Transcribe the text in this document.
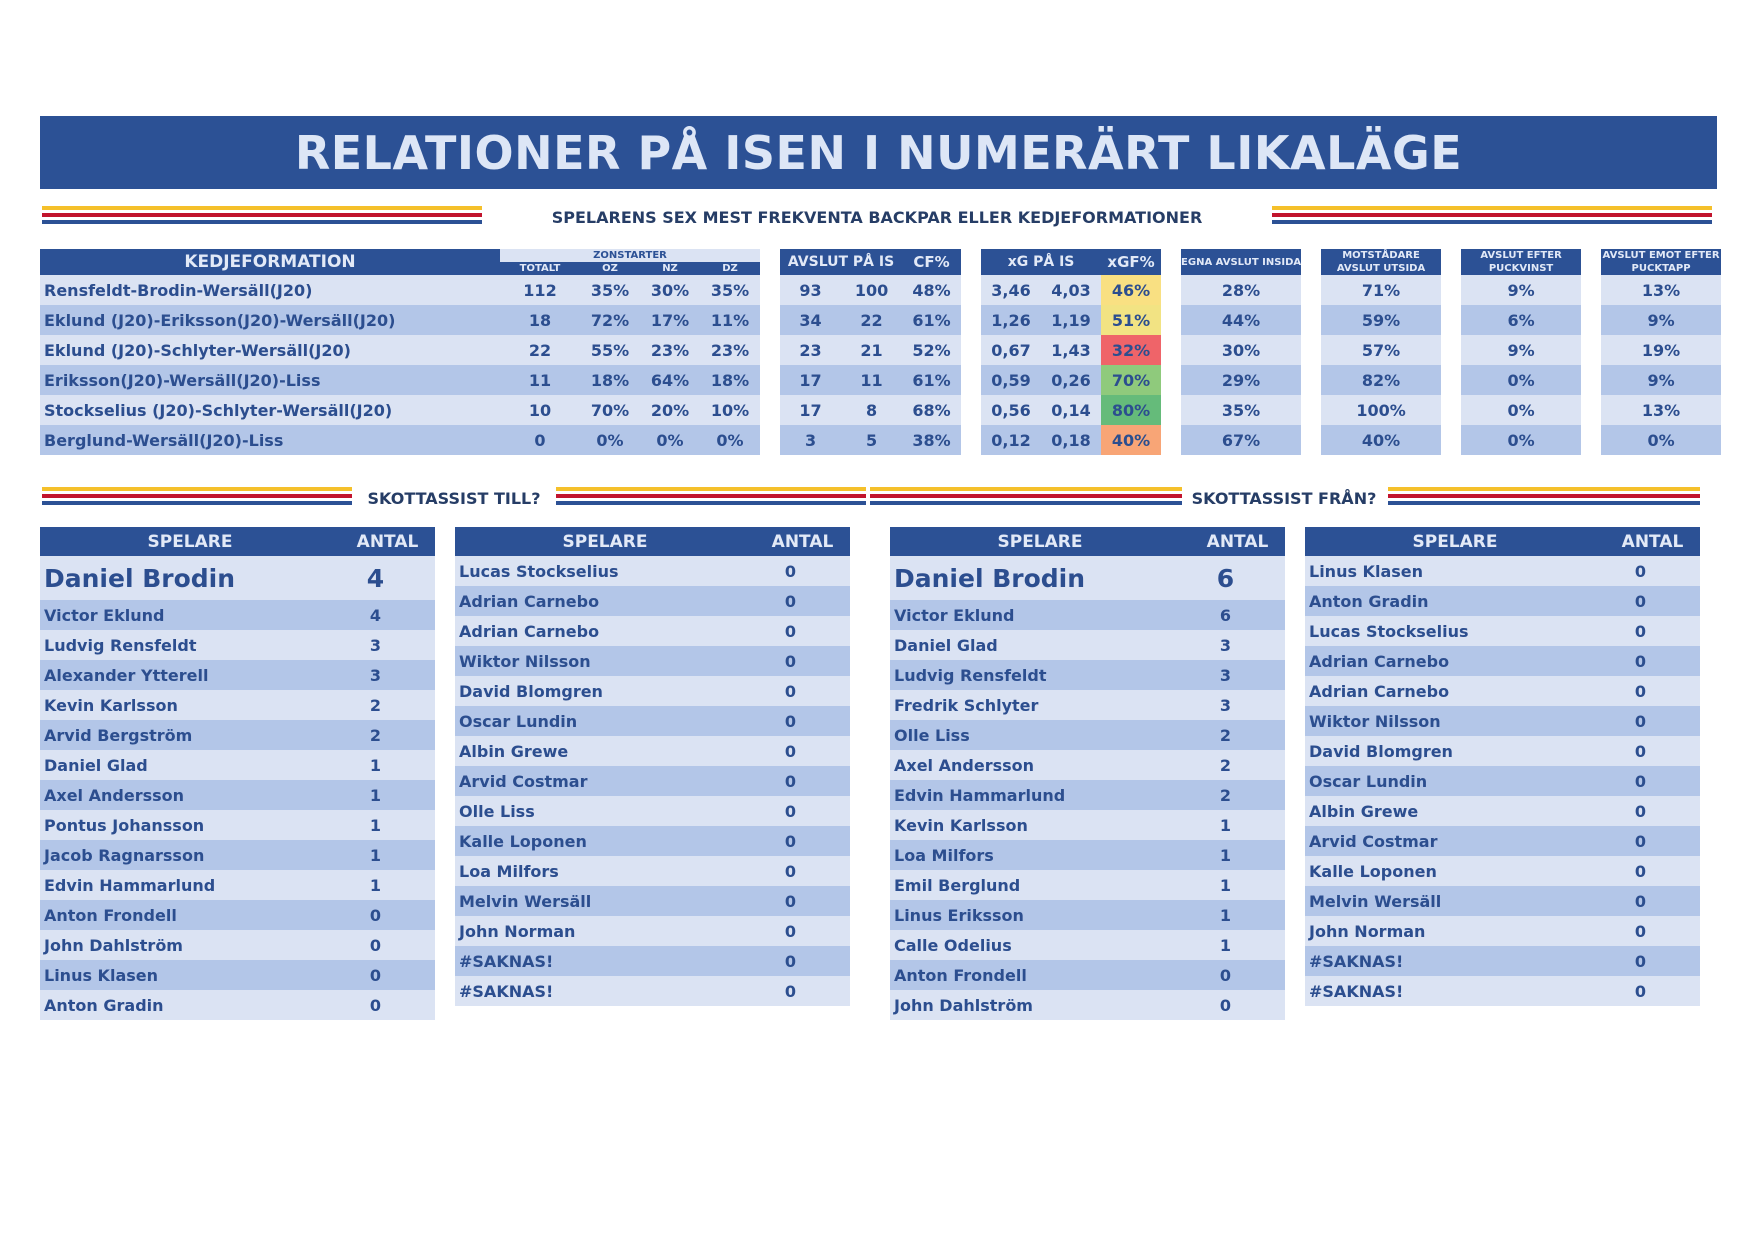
RELATIONER PÅ ISEN I NUMERÄRT LIKALÄGE
SPELARENS SEX MEST FREKVENTA BACKPAR ELLER KEDJEFORMATIONER
KEDJEFORMATION	ZONSTARTER					AVSLUT PÅ IS		CF%		xG PÅ IS		xGF%		EGNA AVSLUT INSIDA		MOTSTÅDARE AVSLUT UTSIDA		AVSLUT EFTER PUCKVINST		AVSLUT EMOT EFTER PUCKTAPP
	TOTALT	OZ	NZ	DZ																
Rensfeldt-Brodin-Wersäll(J20)	112	35%	30%	35%		93	100	48%		3,46	4,03	46%		28%		71%		9%		13%
Eklund (J20)-Eriksson(J20)-Wersäll(J20)	18	72%	17%	11%		34	22	61%		1,26	1,19	51%		44%		59%		6%		9%
Eklund (J20)-Schlyter-Wersäll(J20)	22	55%	23%	23%		23	21	52%		0,67	1,43	32%		30%		57%		9%		19%
Eriksson(J20)-Wersäll(J20)-Liss	11	18%	64%	18%		17	11	61%		0,59	0,26	70%		29%		82%		0%		9%
Stockselius (J20)-Schlyter-Wersäll(J20)	10	70%	20%	10%		17	8	68%		0,56	0,14	80%		35%		100%		0%		13%
Berglund-Wersäll(J20)-Liss	0	0%	0%	0%		3	5	38%		0,12	0,18	40%		67%		40%		0%		0%
SKOTTASSIST TILL?	SKOTTASSIST FRÅN?
SPELARE	ANTAL
Daniel Brodin	4
Victor Eklund	4
Ludvig Rensfeldt	3
Alexander Ytterell	3
Kevin Karlsson	2
Arvid Bergström	2
Daniel Glad	1
Axel Andersson	1
Pontus Johansson	1
Jacob Ragnarsson	1
Edvin Hammarlund	1
Anton Frondell	0
John Dahlström	0
Linus Klasen	0
Anton Gradin	0
SPELARE	ANTAL
Lucas Stockselius	0
Adrian Carnebo	0
Adrian Carnebo	0
Wiktor Nilsson	0
David Blomgren	0
Oscar Lundin	0
Albin Grewe	0
Arvid Costmar	0
Olle Liss	0
Kalle Loponen	0
Loa Milfors	0
Melvin Wersäll	0
John Norman	0
#SAKNAS!	0
#SAKNAS!	0
SPELARE	ANTAL
Daniel Brodin	6
Victor Eklund	6
Daniel Glad	3
Ludvig Rensfeldt	3
Fredrik Schlyter	3
Olle Liss	2
Axel Andersson	2
Edvin Hammarlund	2
Kevin Karlsson	1
Loa Milfors	1
Emil Berglund	1
Linus Eriksson	1
Calle Odelius	1
Anton Frondell	0
John Dahlström	0
SPELARE	ANTAL
Linus Klasen	0
Anton Gradin	0
Lucas Stockselius	0
Adrian Carnebo	0
Adrian Carnebo	0
Wiktor Nilsson	0
David Blomgren	0
Oscar Lundin	0
Albin Grewe	0
Arvid Costmar	0
Kalle Loponen	0
Melvin Wersäll	0
John Norman	0
#SAKNAS!	0
#SAKNAS!	0
